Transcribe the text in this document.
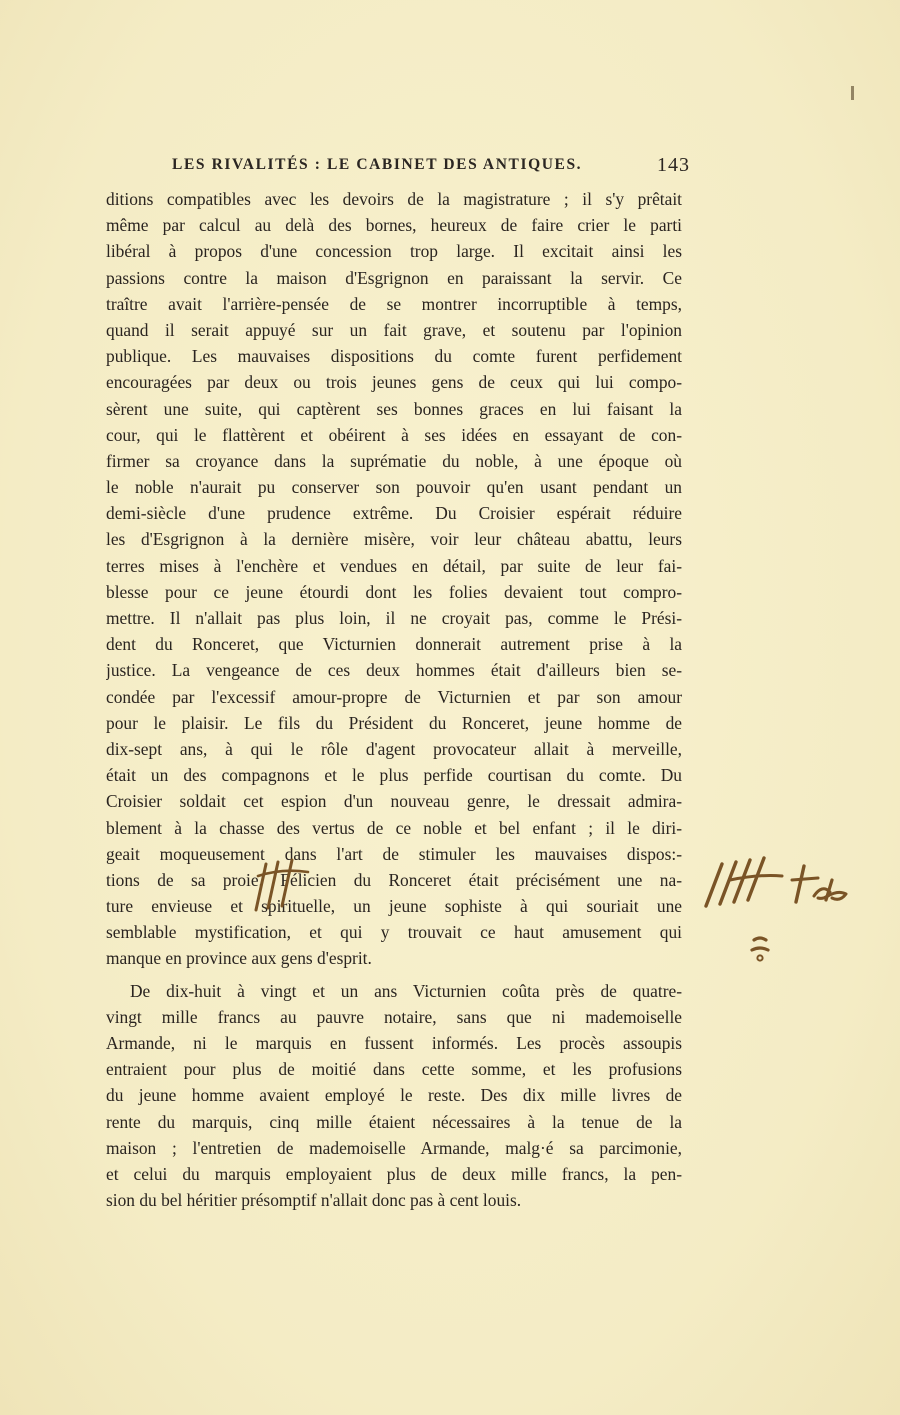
LES RIVALITÉS : LE CABINET DES ANTIQUES.	143
ditions compatibles avec les devoirs de la magistrature ; il s'y prêtait
même par calcul au delà des bornes, heureux de faire crier le parti
libéral à propos d'une concession trop large. Il excitait ainsi les
passions contre la maison d'Esgrignon en paraissant la servir. Ce
traître avait l'arrière-pensée de se montrer incorruptible à temps,
quand il serait appuyé sur un fait grave, et soutenu par l'opinion
publique. Les mauvaises dispositions du comte furent perfidement
encouragées par deux ou trois jeunes gens de ceux qui lui compo-
sèrent une suite, qui captèrent ses bonnes graces en lui faisant la
cour, qui le flattèrent et obéirent à ses idées en essayant de con-
firmer sa croyance dans la suprématie du noble, à une époque où
le noble n'aurait pu conserver son pouvoir qu'en usant pendant un
demi-siècle d'une prudence extrême. Du Croisier espérait réduire
les d'Esgrignon à la dernière misère, voir leur château abattu, leurs
terres mises à l'enchère et vendues en détail, par suite de leur fai-
blesse pour ce jeune étourdi dont les folies devaient tout compro-
mettre. Il n'allait pas plus loin, il ne croyait pas, comme le Prési-
dent du Ronceret, que Victurnien donnerait autrement prise à la
justice. La vengeance de ces deux hommes était d'ailleurs bien se-
condée par l'excessif amour-propre de Victurnien et par son amour
pour le plaisir. Le fils du Président du Ronceret, jeune homme de
dix-sept ans, à qui le rôle d'agent provocateur allait à merveille,
était un des compagnons et le plus perfide courtisan du comte. Du
Croisier soldait cet espion d'un nouveau genre, le dressait admira-
blement à la chasse des vertus de ce noble et bel enfant ; il le diri-
geait moqueusement dans l'art de stimuler les mauvaises dispos:-
tions de sa proie. Félicien du Ronceret était précisément une na-
ture envieuse et spirituelle, un jeune sophiste à qui souriait une
semblable mystification, et qui y trouvait ce haut amusement qui
manque en province aux gens d'esprit.
De dix-huit à vingt et un ans Victurnien coûta près de quatre-
vingt mille francs au pauvre notaire, sans que ni mademoiselle
Armande, ni le marquis en fussent informés. Les procès assoupis
entraient pour plus de moitié dans cette somme, et les profusions
du jeune homme avaient employé le reste. Des dix mille livres de
rente du marquis, cinq mille étaient nécessaires à la tenue de la
maison ; l'entretien de mademoiselle Armande, malg·é sa parcimonie,
et celui du marquis employaient plus de deux mille francs, la pen-
sion du bel héritier présomptif n'allait donc pas à cent louis.
